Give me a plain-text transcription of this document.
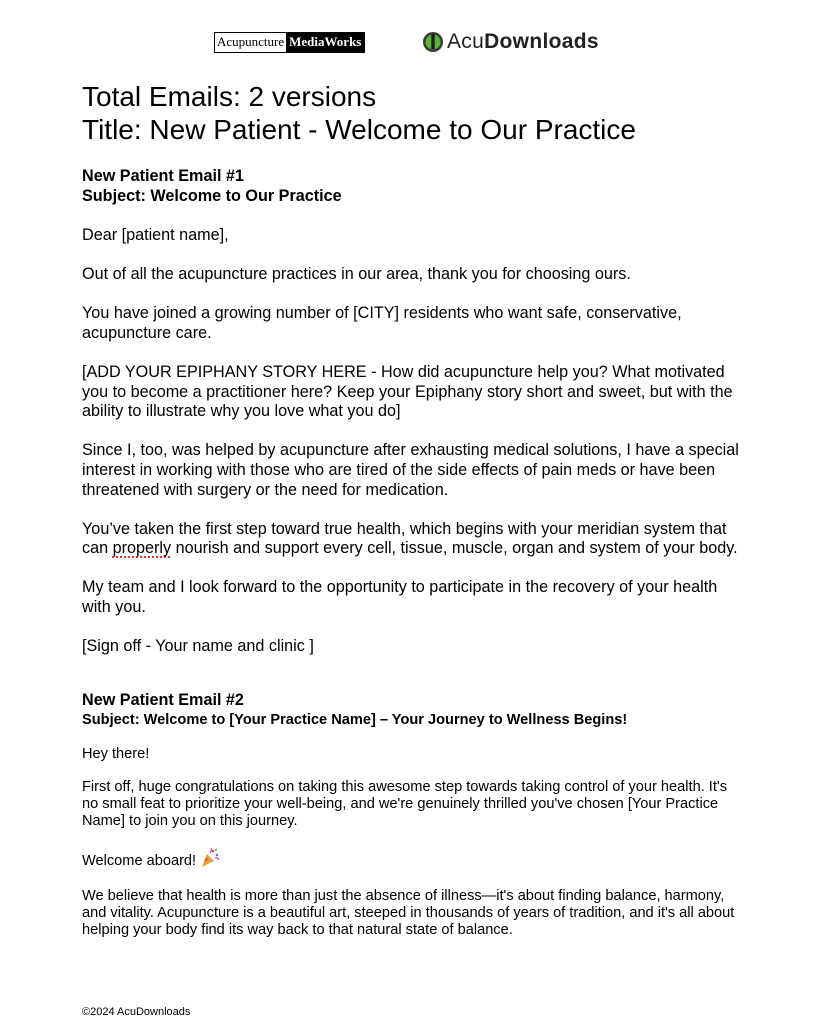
Acupuncture MediaWorks	Acu Downloads
Total Emails: 2 versions
Title: New Patient - Welcome to Our Practice
New Patient Email #1
Subject: Welcome to Our Practice

Dear [patient name],

Out of all the acupuncture practices in our area, thank you for choosing ours.

You have joined a growing number of [CITY] residents who want safe, conservative, acupuncture care.

[ADD YOUR EPIPHANY STORY HERE - How did acupuncture help you? What motivated you to become a practitioner here? Keep your Epiphany story short and sweet, but with the ability to illustrate why you love what you do]

Since I, too, was helped by acupuncture after exhausting medical solutions, I have a special interest in working with those who are tired of the side effects of pain meds or have been threatened with surgery or the need for medication.

You’ve taken the first step toward true health, which begins with your meridian system that can properly nourish and support every cell, tissue, muscle, organ and system of your body.

My team and I look forward to the opportunity to participate in the recovery of your health with you.

[Sign off - Your name and clinic ]

New Patient Email #2
Subject: Welcome to [Your Practice Name] – Your Journey to Wellness Begins!

Hey there!

First off, huge congratulations on taking this awesome step towards taking control of your health. It's no small feat to prioritize your well-being, and we're genuinely thrilled you've chosen [Your Practice Name] to join you on this journey.

Welcome aboard!

We believe that health is more than just the absence of illness—it's about finding balance, harmony, and vitality. Acupuncture is a beautiful art, steeped in thousands of years of tradition, and it's all about helping your body find its way back to that natural state of balance.

©2024 AcuDownloads
